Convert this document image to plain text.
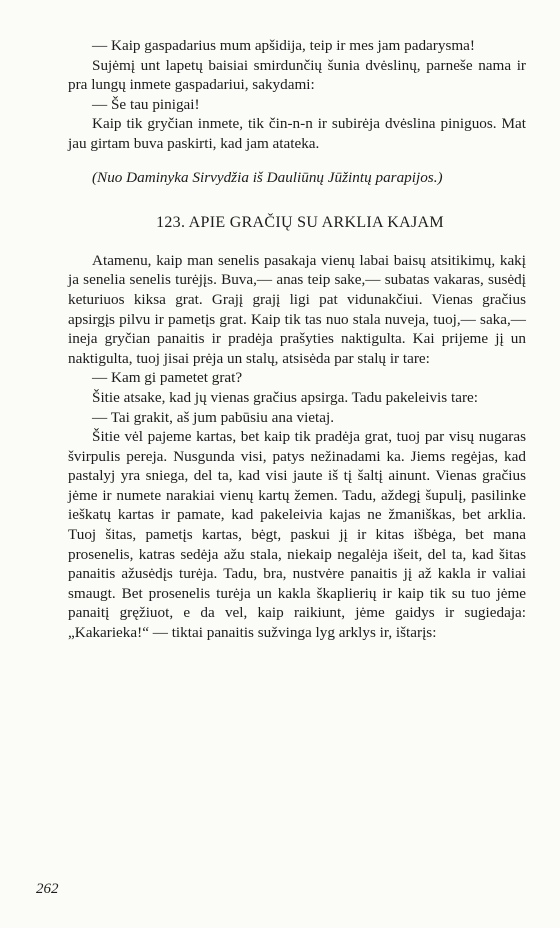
— Kaip gaspadarius mum apšidija, teip ir mes jam padarysma!

Sujėmį unt lapetų baisiai smirdunčių šunia dvėslinų, parneše nama ir pra lungų inmete gaspadariui, sakydami:

— Še tau pinigai!

Kaip tik gryčian inmete, tik čin-n-n ir subirėja dvėslina piniguos. Mat jau girtam buva paskirti, kad jam atateka.

(Nuo Daminyka Sirvydžia iš Dauliūnų Jūžintų parapijos.)

123. APIE GRAČIŲ SU ARKLIA KAJAM

Atamenu, kaip man senelis pasakaja vienų labai baisų atsitikimų, kakį ja senelia senelis turėjįs. Buva,— anas teip sake,— subatas vakaras, susėdį keturiuos kiksa grat. Grajį grajį ligi pat vidunakčiui. Vienas gračius apsirgįs pilvu ir pametįs grat. Kaip tik tas nuo stala nuveja, tuoj,— saka,— ineja gryčian panaitis ir pradėja prašyties naktigulta. Kai prijeme jį un naktigulta, tuoj jisai prėja un stalų, atsisėda par stalų ir tare:

— Kam gi pametet grat?

Šitie atsake, kad jų vienas gračius apsirga. Tadu pakeleivis tare:

— Tai grakit, aš jum pabūsiu ana vietaj.

Šitie vėl pajeme kartas, bet kaip tik pradėja grat, tuoj par visų nugaras švirpulis pereja. Nusgunda visi, patys nežinadami ka. Jiems regėjas, kad pastalyj yra sniega, del ta, kad visi jaute iš tį šaltį ainunt. Vienas gračius jėme ir numete narakiai vienų kartų žemen. Tadu, aždegį šupulį, pasilinke ieškatų kartas ir pamate, kad pakeleivia kajas ne žmaniškas, bet arklia. Tuoj šitas, pametįs kartas, bėgt, paskui jį ir kitas išbėga, bet mana prosenelis, katras sedėja ažu stala, niekaip negalėja išeit, del ta, kad šitas panaitis ažusėdįs turėja. Tadu, bra, nustvėre panaitis jį až kakla ir valiai smaugt. Bet prosenelis turėja un kakla škaplierių ir kaip tik su tuo jėme panaitį gręžiuot, e da vel, kaip raikiunt, jėme gaidys ir sugiedaja: „Kakarieka!“ — tiktai panaitis sužvinga lyg arklys ir, ištarįs:

262
